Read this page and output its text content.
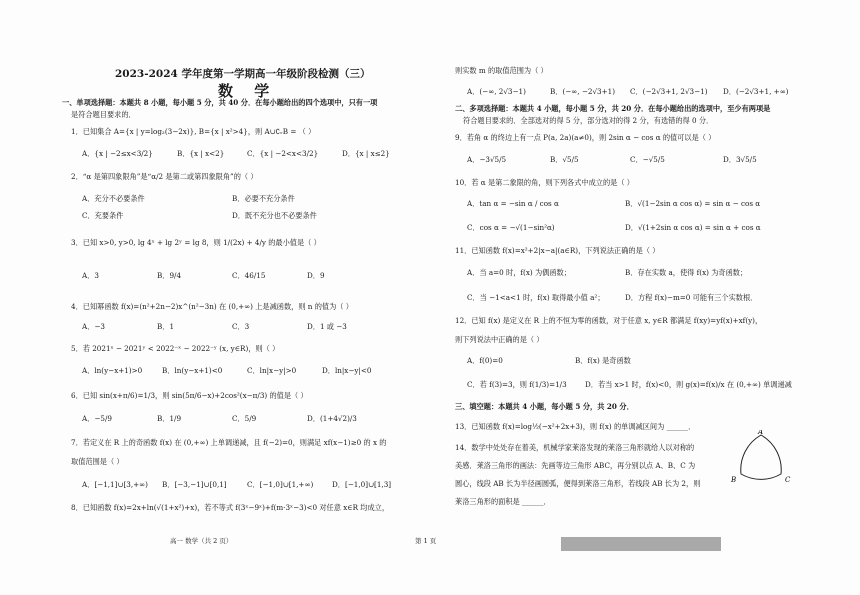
2023-2024 学年度第一学期高一年级阶段检测（三）
数 学
一、单项选择题：本题共 8 小题，每小题 5 分，共 40 分．在每小题给出的四个选项中，只有一项
是符合题目要求的．
1．已知集合 A={x | y=log₂(3−2x)}, B={x | x²>4}，则 A∪∁ᵣB = （ ）
A．{x | −2≤x<3/2}	B．{x | x<2}	C．{x | −2<x<3/2}	D．{x | x≤2}
2．“α 是第四象限角”是“α/2 是第二或第四象限角”的（ ）
A．充分不必要条件	B．必要不充分条件
C．充要条件	D．既不充分也不必要条件
3．已知 x>0, y>0, lg 4ˣ + lg 2ʸ = lg 8，则 1/(2x) + 4/y 的最小值是（ ）
A．3	B．9/4	C．46/15	D．9
4．已知幂函数 f(x)=(n²+2n−2)x^(n²−3n) 在 (0,+∞) 上是减函数，则 n 的值为（ ）
A．−3	B．1	C．3	D．1 或 −3
5．若 2021ˣ − 2021ʸ < 2022⁻ˣ − 2022⁻ʸ (x, y∈R)，则（ ）
A．ln(y−x+1)>0	B．ln(y−x+1)<0	C．ln|x−y|>0	D．ln|x−y|<0
6．已知 sin(x+π/6)=1/3，则 sin(5π/6−x)+2cos²(x−π/3) 的值是（ ）
A．−5/9	B．1/9	C．5/9	D．(1+4√2)/3
7．若定义在 R 上的奇函数 f(x) 在 (0,+∞) 上单调递减，且 f(−2)=0，则满足 xf(x−1)≥0 的 x 的
取值范围是（ ）
A．[−1,1]∪[3,+∞) B．[−3,−1]∪[0,1]	C．[−1,0]∪[1,+∞)	D．[−1,0]∪[1,3]
8．已知函数 f(x)=2x+ln(√(1+x²)+x)，若不等式 f(3ˣ−9ˣ)+f(m·3ˣ−3)<0 对任意 x∈R 均成立，
高一 数学（共 2 页）
则实数 m 的取值范围为（ ）
A．(−∞, 2√3−1)	B．(−∞, −2√3+1) C．(−2√3+1, 2√3−1) D．(−2√3+1, +∞)
二、多项选择题：本题共 4 小题，每小题 5 分，共 20 分．在每小题给出的选项中，至少有两项是
符合题目要求的．全部选对的得 5 分，部分选对的得 2 分，有选错的得 0 分．
9．若角 α 的终边上有一点 P(a, 2a)(a≠0)，则 2sin α − cos α 的值可以是（ ）
A．−3√5/5	B．√5/5	C．−√5/5	D．3√5/5
10．若 α 是第二象限的角，则下列各式中成立的是（ ）
A．tan α = −sin α / cos α	B．√(1−2sin α cos α) = sin α − cos α
C．cos α = −√(1−sin²α)	D．√(1+2sin α cos α) = sin α + cos α
11．已知函数 f(x)=x²+2|x−a|(a∈R)，下列说法正确的是（ ）
A．当 a=0 时，f(x) 为偶函数；	B．存在实数 a，使得 f(x) 为奇函数；
C．当 −1<a<1 时，f(x) 取得最小值 a²；	D．方程 f(x)−m=0 可能有三个实数根．
12．已知 f(x) 是定义在 R 上的不恒为零的函数，对于任意 x, y∈R 都满足 f(xy)=yf(x)+xf(y)，
则下列说法中正确的是（ ）
A．f(0)=0	B．f(x) 是奇函数
C．若 f(3)=3，则 f(1/3)=1/3	D．若当 x>1 时，f(x)<0，则 g(x)=f(x)/x 在 (0,+∞) 单调递减
三、填空题：本题共 4 小题，每小题 5 分，共 20 分．
13．已知函数 f(x)=log½(−x²+2x+3)，则 f(x) 的单调减区间为 ______．
14．数学中处处存在着美，机械学家莱洛发现的莱洛三角形就给人以对称的
美感．莱洛三角形的画法：先画等边三角形 ABC，再分别以点 A、B、C 为
圆心，线段 AB 长为半径画圆弧，便得到莱洛三角形，若线段 AB 长为 2，则
莱洛三角形的面积是 ______．
第 1 页
A
B	C
